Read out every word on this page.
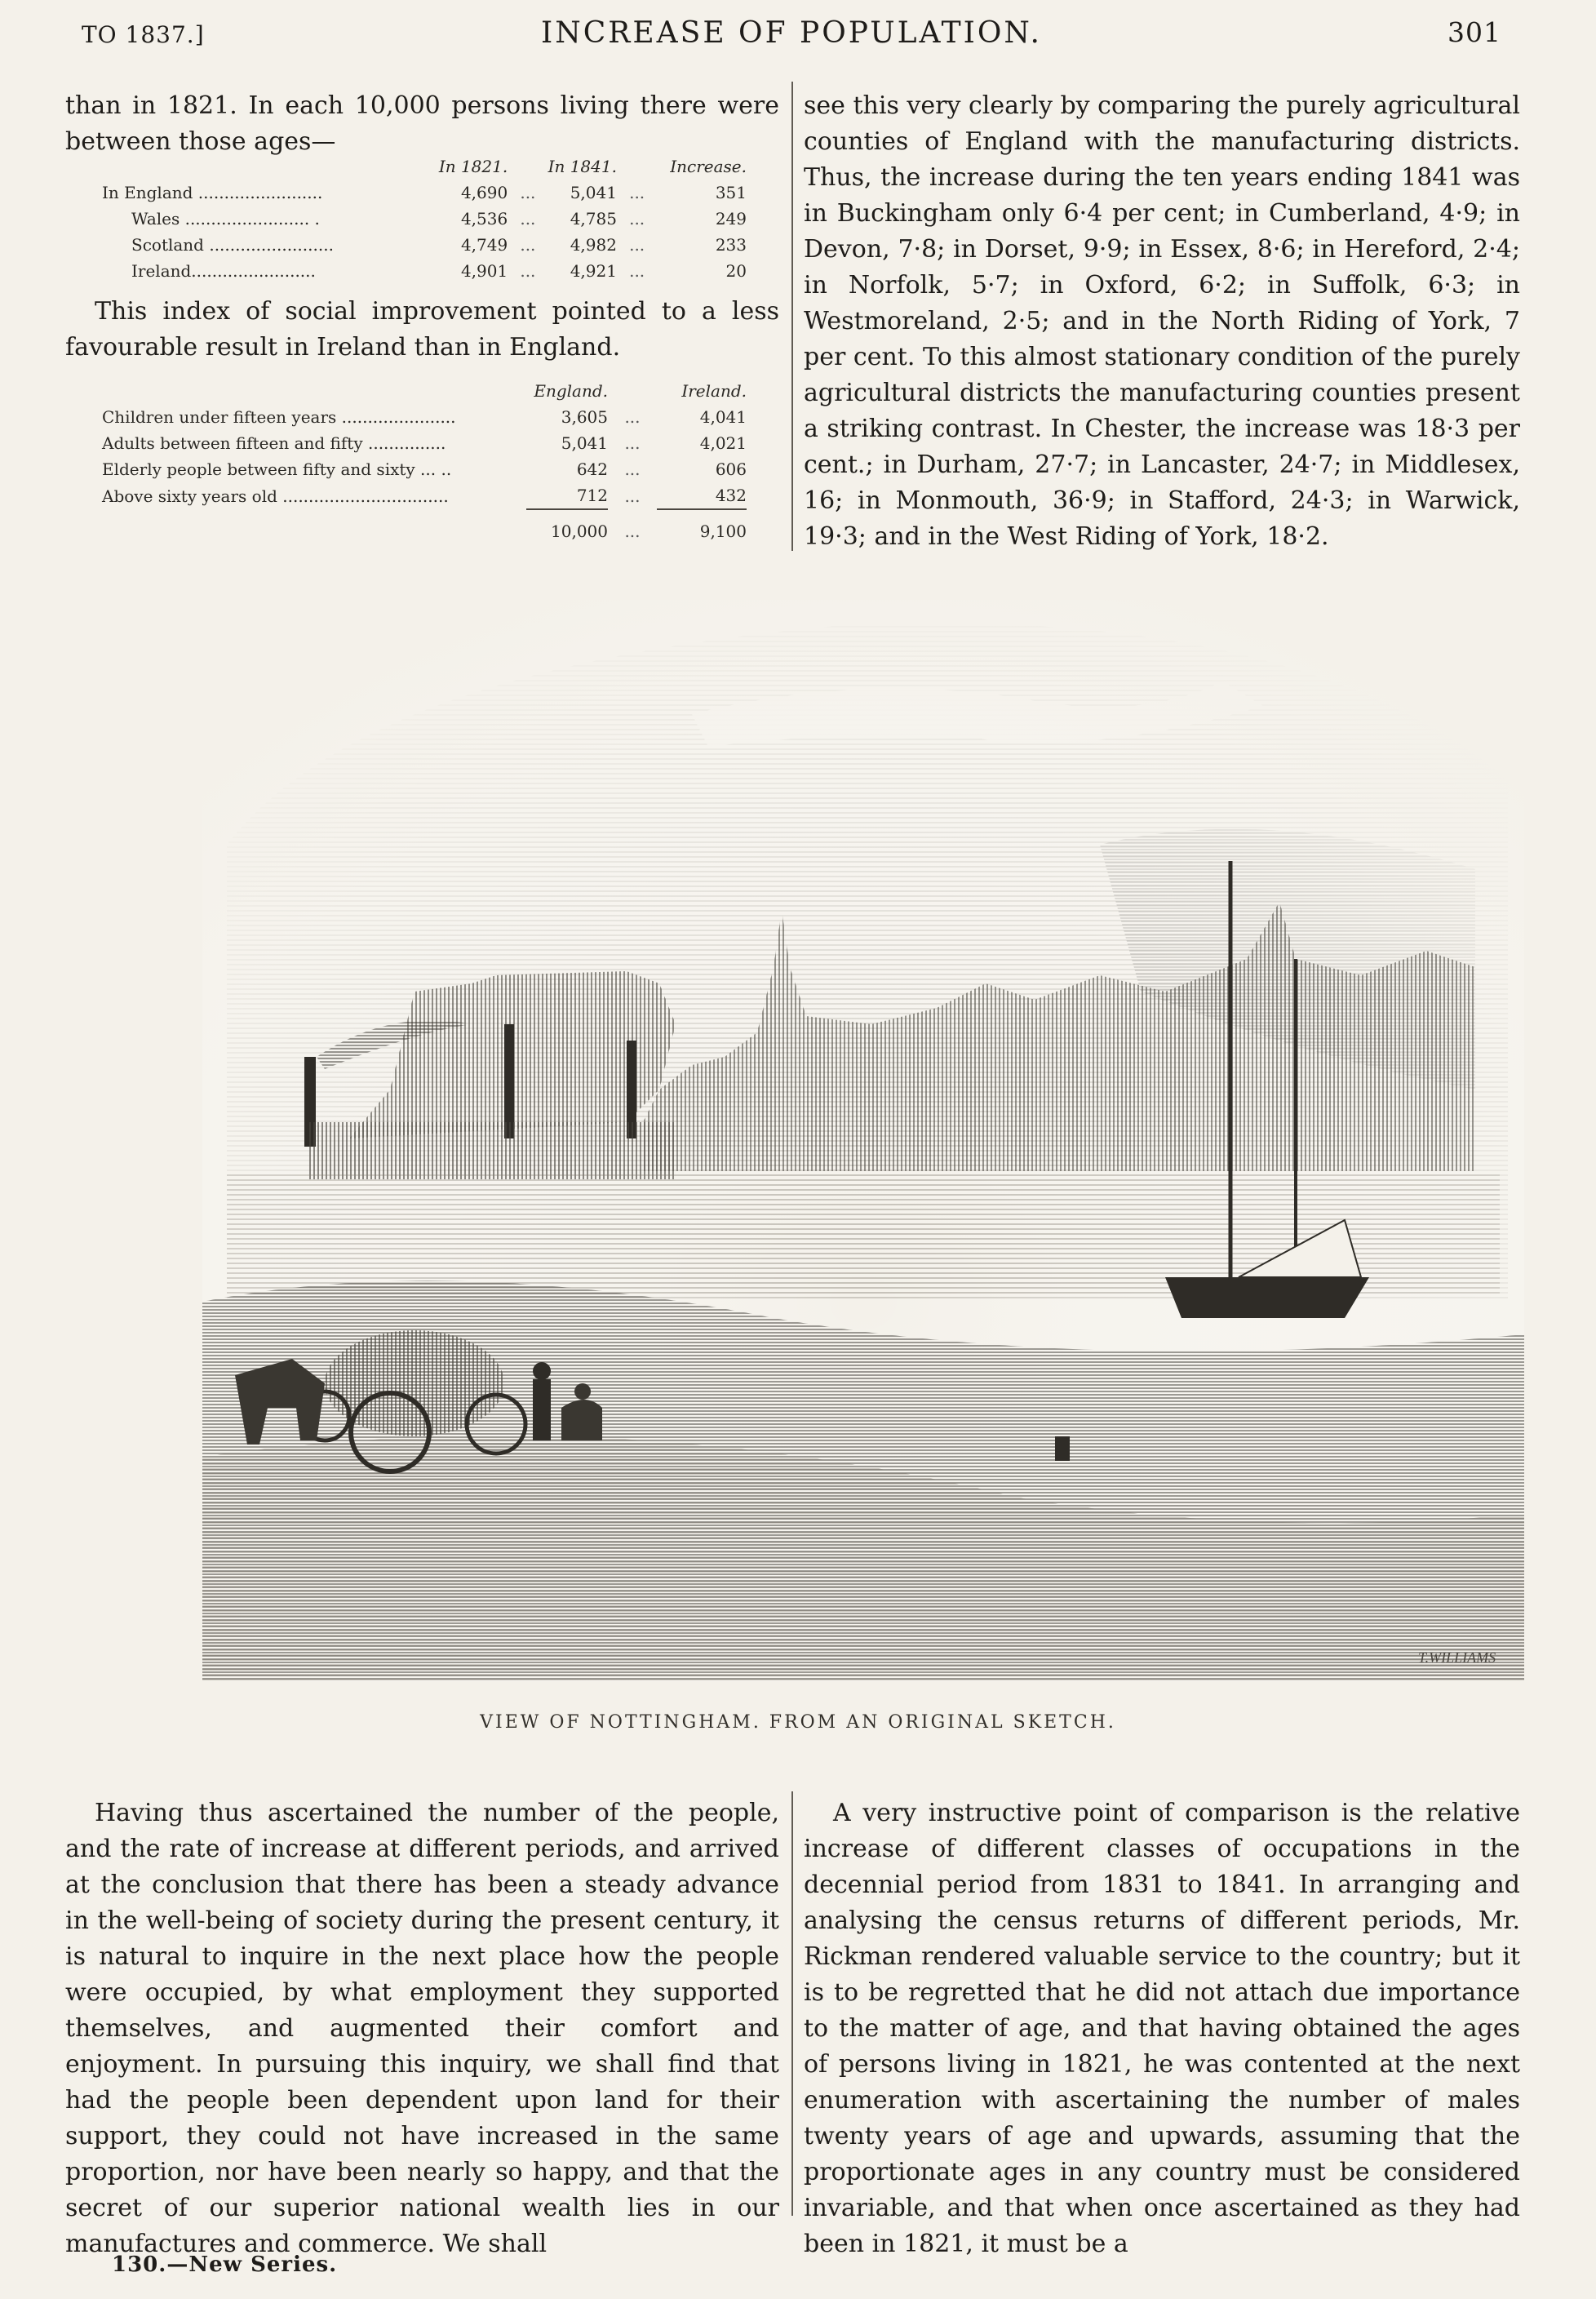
TO 1837.]	INCREASE OF POPULATION.	301

than in 1821. In each 10,000 persons living there were between those ages—

	In 1821.		In 1841.		Increase.
In England ........................	4,690	...	5,041	...	351
Wales ........................ .	4,536	...	4,785	...	249
Scotland ........................	4,749	...	4,982	...	233
Ireland........................	4,901	...	4,921	...	20

This index of social improvement pointed to a less favourable result in Ireland than in England.

	England.		Ireland.
Children under fifteen years ......................	3,605	...	4,041
Adults between fifteen and fifty ...............	5,041	...	4,021
Elderly people between fifty and sixty ... ..	642	...	606
Above sixty years old ................................	712	...	432
	10,000	...	9,100

see this very clearly by comparing the purely agricultural counties of England with the manufacturing districts. Thus, the increase during the ten years ending 1841 was in Buckingham only 6·4 per cent; in Cumberland, 4·9; in Devon, 7·8; in Dorset, 9·9; in Essex, 8·6; in Hereford, 2·4; in Norfolk, 5·7; in Oxford, 6·2; in Suffolk, 6·3; in Westmoreland, 2·5; and in the North Riding of York, 7 per cent. To this almost stationary condition of the purely agricultural districts the manufacturing counties present a striking contrast. In Chester, the increase was 18·3 per cent.; in Durham, 27·7; in Lancaster, 24·7; in Middlesex, 16; in Monmouth, 36·9; in Stafford, 24·3; in Warwick, 19·3; and in the West Riding of York, 18·2.

T.WILLIAMS
VIEW OF NOTTINGHAM. FROM AN ORIGINAL SKETCH.

Having thus ascertained the number of the people, and the rate of increase at different periods, and arrived at the conclusion that there has been a steady advance in the well-being of society during the present century, it is natural to inquire in the next place how the people were occupied, by what employment they supported themselves, and augmented their comfort and enjoyment. In pursuing this inquiry, we shall find that had the people been dependent upon land for their support, they could not have increased in the same proportion, nor have been nearly so happy, and that the secret of our superior national wealth lies in our manufactures and commerce. We shall

A very instructive point of comparison is the relative increase of different classes of occupations in the decennial period from 1831 to 1841. In arranging and analysing the census returns of different periods, Mr. Rickman rendered valuable service to the country; but it is to be regretted that he did not attach due importance to the matter of age, and that having obtained the ages of persons living in 1821, he was contented at the next enumeration with ascertaining the number of males twenty years of age and upwards, assuming that the proportionate ages in any country must be considered invariable, and that when once ascertained as they had been in 1821, it must be a

130.—New Series.
